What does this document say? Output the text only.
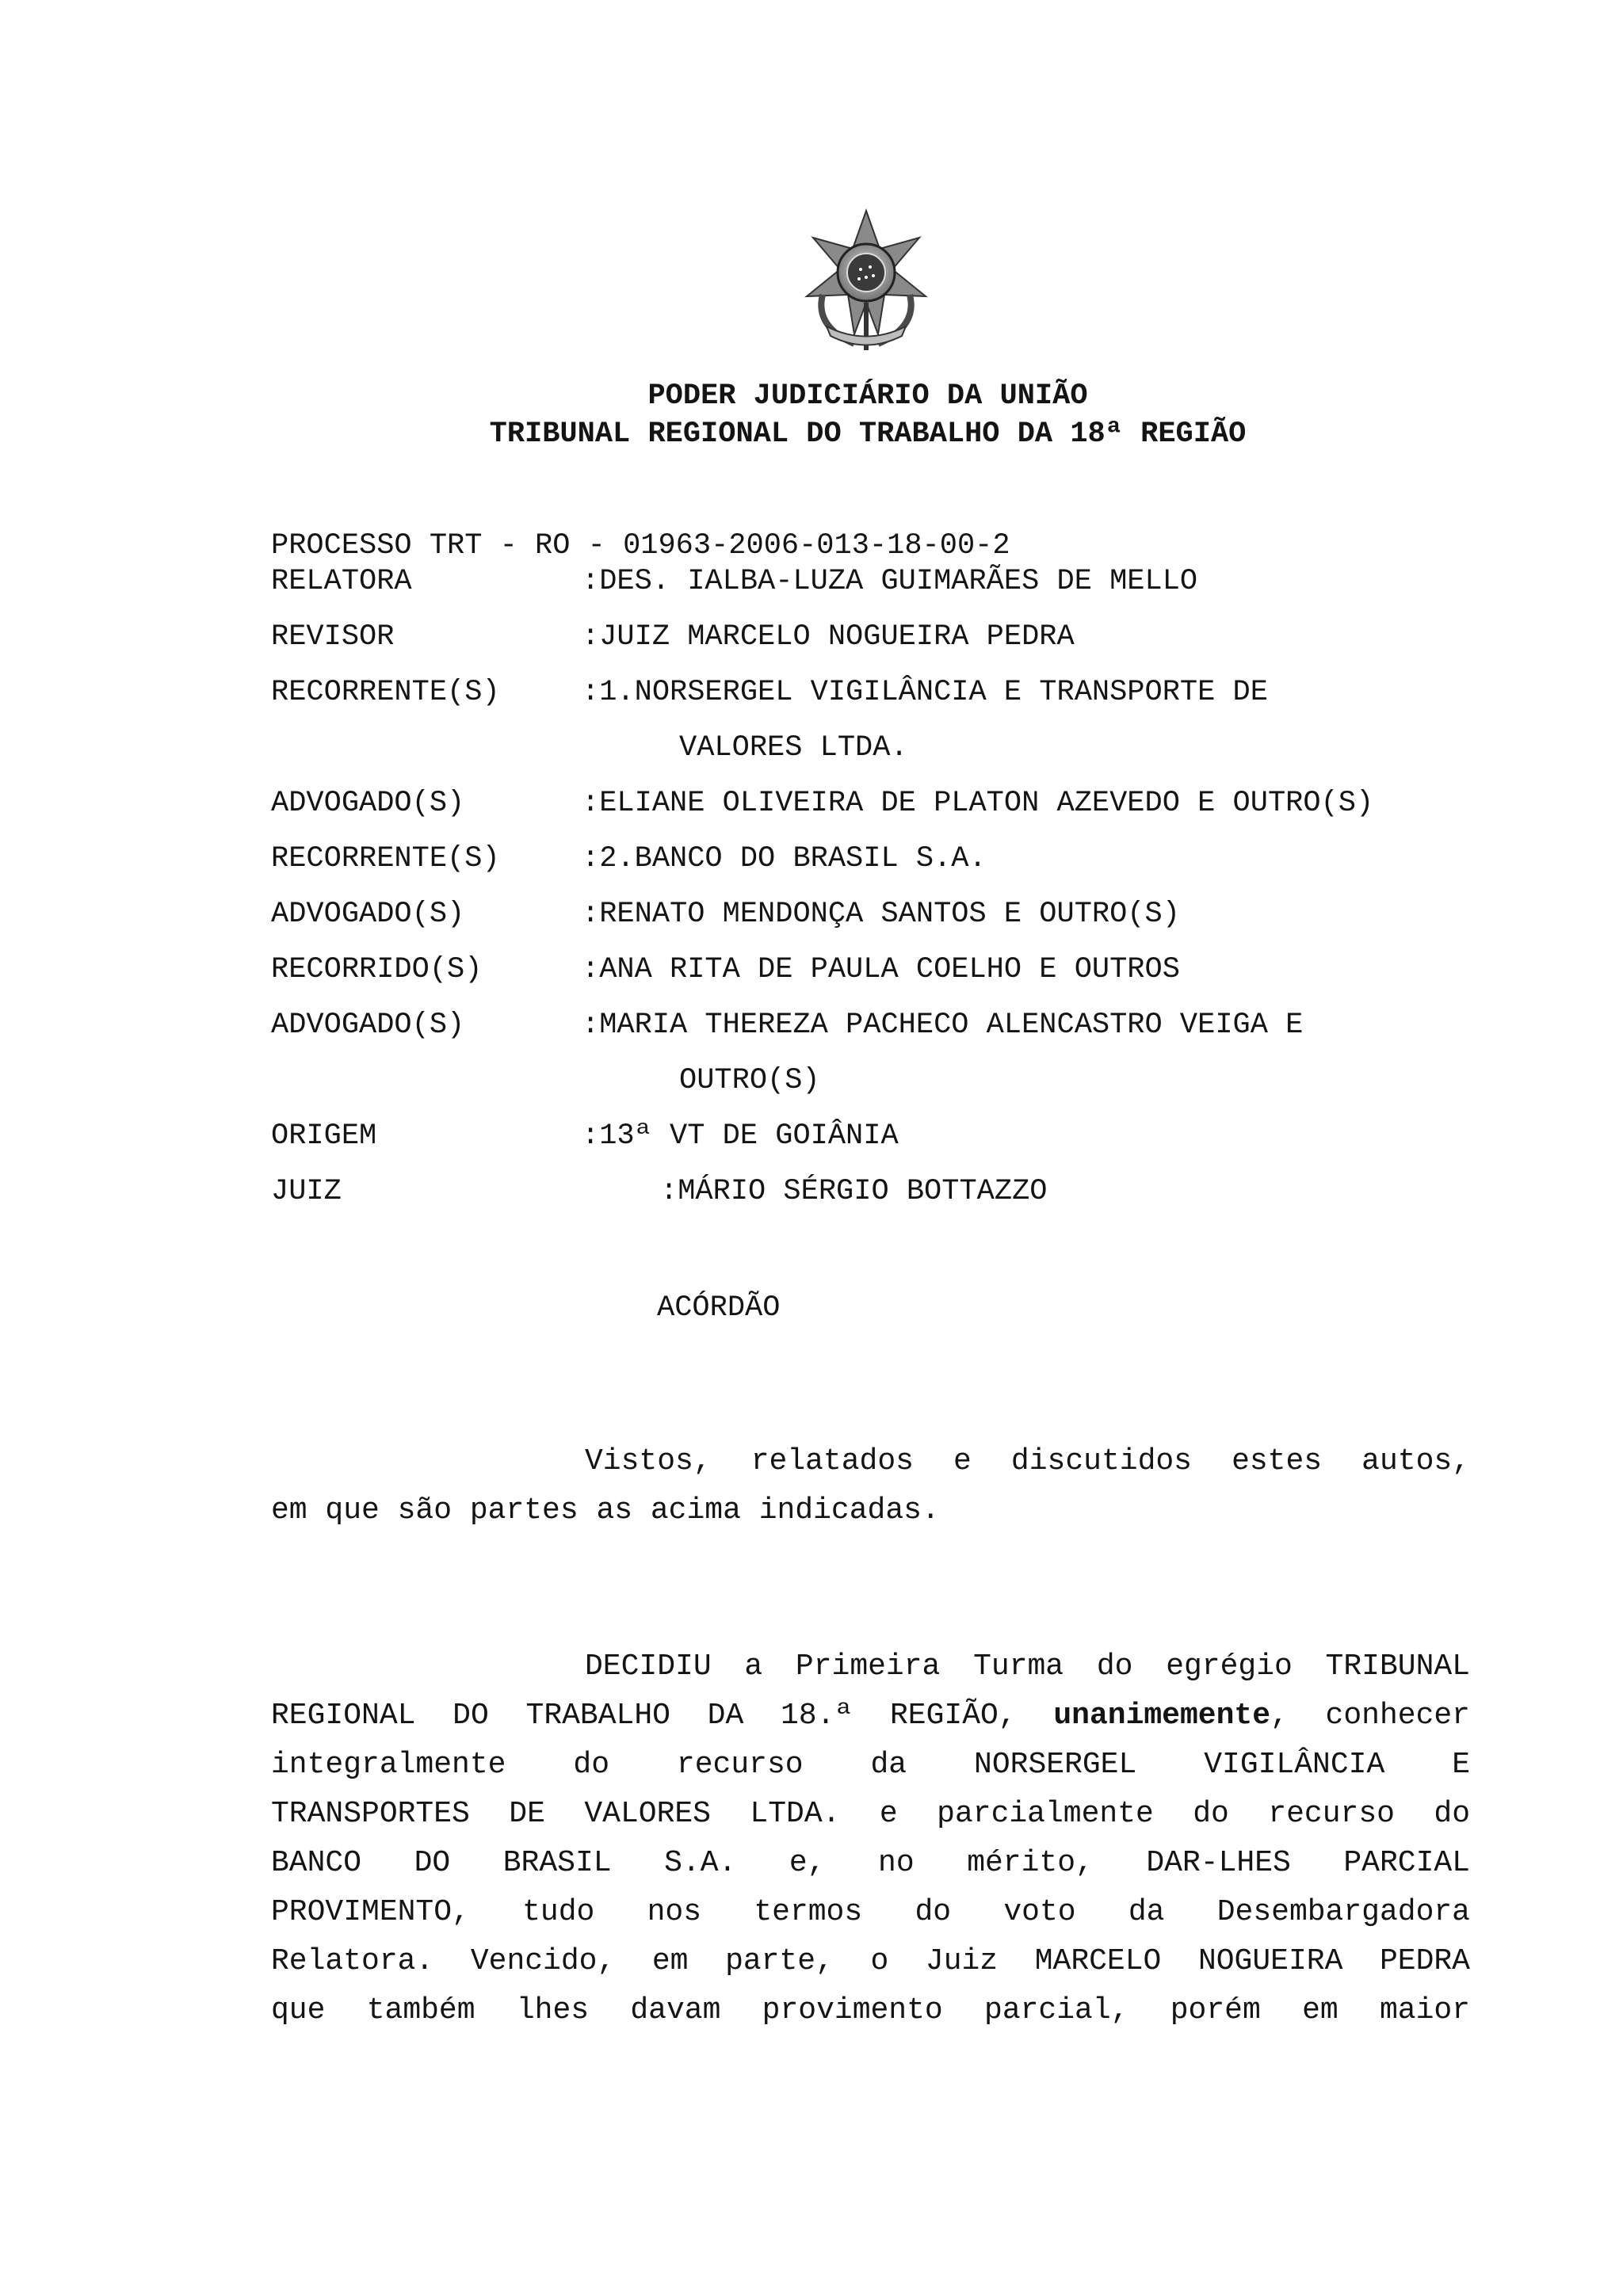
PODER JUDICIÁRIO DA UNIÃO
TRIBUNAL REGIONAL DO TRABALHO DA 18ª REGIÃO
PROCESSO TRT - RO - 01963-2006-013-18-00-2
RELATORA	:DES. IALBA-LUZA GUIMARÃES DE MELLO
REVISOR	:JUIZ MARCELO NOGUEIRA PEDRA
RECORRENTE(S)	:1.NORSERGEL VIGILÂNCIA E TRANSPORTE DE
VALORES LTDA.
ADVOGADO(S)	:ELIANE OLIVEIRA DE PLATON AZEVEDO E OUTRO(S)
RECORRENTE(S)	:2.BANCO DO BRASIL S.A.
ADVOGADO(S)	:RENATO MENDONÇA SANTOS E OUTRO(S)
RECORRIDO(S)	:ANA RITA DE PAULA COELHO E OUTROS
ADVOGADO(S)	:MARIA THEREZA PACHECO ALENCASTRO VEIGA E
OUTRO(S)
ORIGEM	:13ª VT DE GOIÂNIA
JUIZ	:MÁRIO SÉRGIO BOTTAZZO
ACÓRDÃO
Vistos, relatados e discutidos estes autos,
em que são partes as acima indicadas.
DECIDIU a Primeira Turma do egrégio TRIBUNAL
REGIONAL DO TRABALHO DA 18.ª REGIÃO, unanimemente, conhecer
integralmente do recurso da NORSERGEL VIGILÂNCIA E
TRANSPORTES DE VALORES LTDA. e parcialmente do recurso do
BANCO DO BRASIL S.A. e, no mérito, DAR-LHES PARCIAL
PROVIMENTO, tudo nos termos do voto da Desembargadora
Relatora. Vencido, em parte, o Juiz MARCELO NOGUEIRA PEDRA
que também lhes davam provimento parcial, porém em maior
